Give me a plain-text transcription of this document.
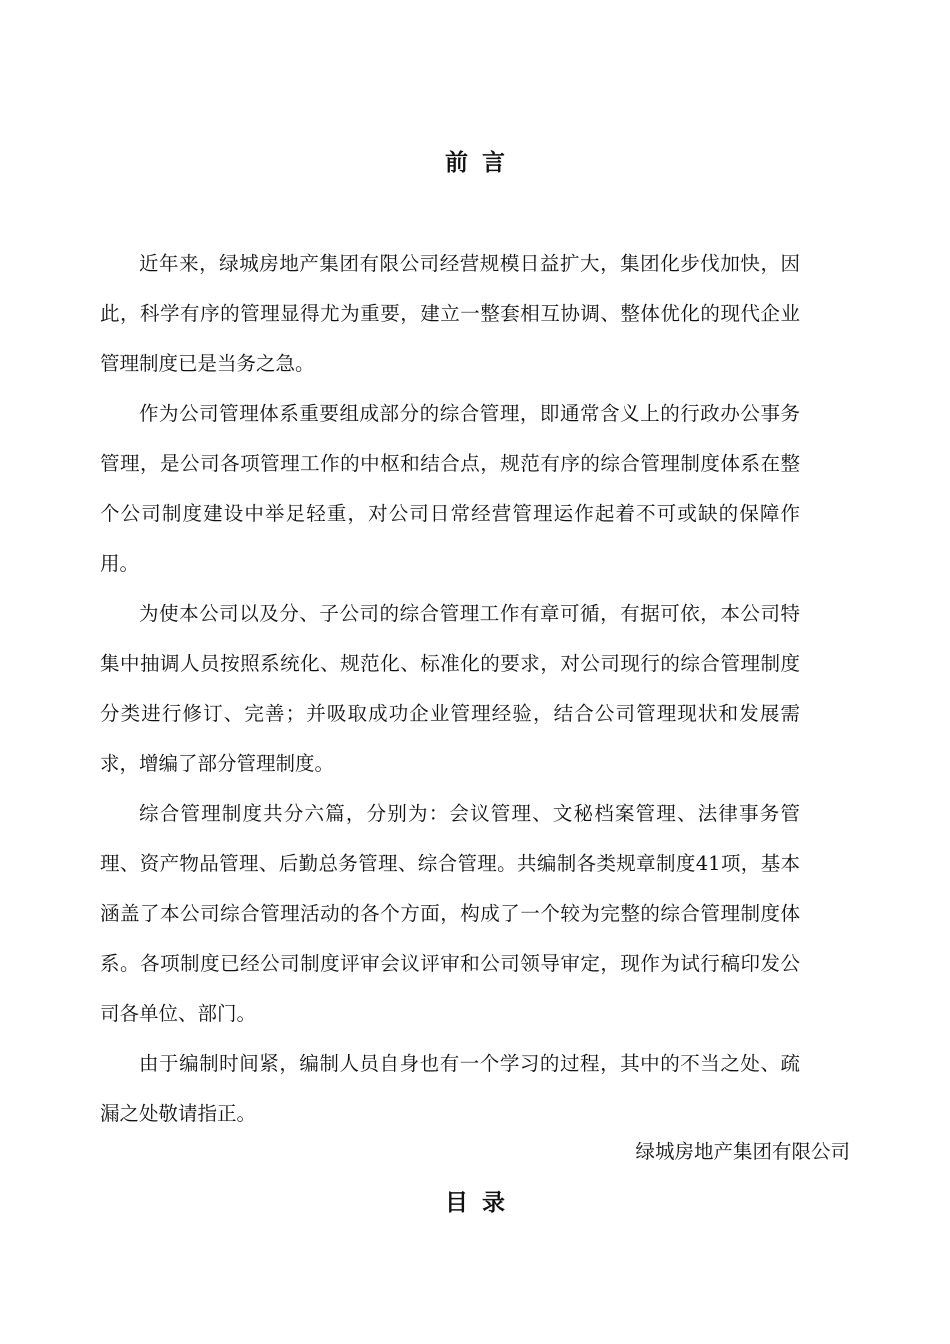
前言

近年来，绿城房地产集团有限公司经营规模日益扩大，集团化步伐加快，因此，科学有序的管理显得尤为重要，建立一整套相互协调、整体优化的现代企业管理制度已是当务之急。

作为公司管理体系重要组成部分的综合管理，即通常含义上的行政办公事务管理，是公司各项管理工作的中枢和结合点，规范有序的综合管理制度体系在整个公司制度建设中举足轻重，对公司日常经营管理运作起着不可或缺的保障作用。

为使本公司以及分、子公司的综合管理工作有章可循，有据可依，本公司特集中抽调人员按照系统化、规范化、标准化的要求，对公司现行的综合管理制度分类进行修订、完善；并吸取成功企业管理经验，结合公司管理现状和发展需求，增编了部分管理制度。

综合管理制度共分六篇，分别为：会议管理、文秘档案管理、法律事务管理、资产物品管理、后勤总务管理、综合管理。共编制各类规章制度41项，基本涵盖了本公司综合管理活动的各个方面，构成了一个较为完整的综合管理制度体系。各项制度已经公司制度评审会议评审和公司领导审定，现作为试行稿印发公司各单位、部门。

由于编制时间紧，编制人员自身也有一个学习的过程，其中的不当之处、疏漏之处敬请指正。

绿城房地产集团有限公司
目录
